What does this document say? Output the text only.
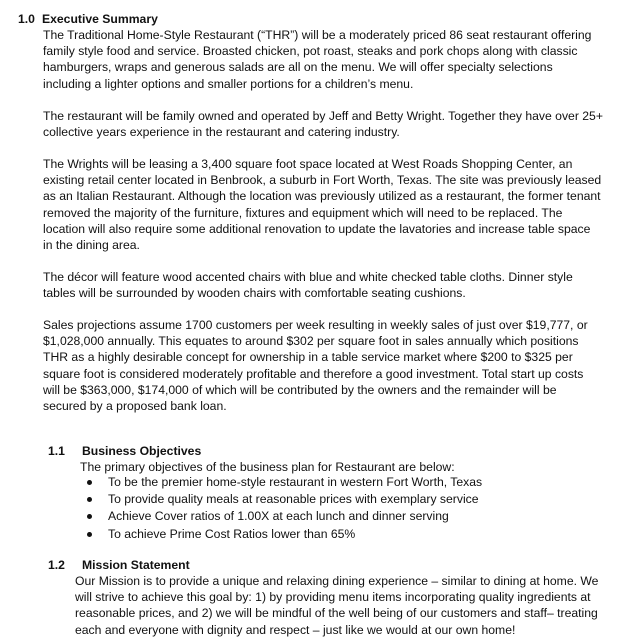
1.0 Executive Summary

The Traditional Home-Style Restaurant (“THR”) will be a moderately priced 86 seat restaurant offering family style food and service. Broasted chicken, pot roast, steaks and pork chops along with classic hamburgers, wraps and generous salads are all on the menu. We will offer specialty selections including a lighter options and smaller portions for a children’s menu.

The restaurant will be family owned and operated by Jeff and Betty Wright. Together they have over 25+ collective years experience in the restaurant and catering industry.

The Wrights will be leasing a 3,400 square foot space located at West Roads Shopping Center, an existing retail center located in Benbrook, a suburb in Fort Worth, Texas. The site was previously leased as an Italian Restaurant. Although the location was previously utilized as a restaurant, the former tenant removed the majority of the furniture, fixtures and equipment which will need to be replaced. The location will also require some additional renovation to update the lavatories and increase table space in the dining area.

The décor will feature wood accented chairs with blue and white checked table cloths. Dinner style tables will be surrounded by wooden chairs with comfortable seating cushions.

Sales projections assume 1700 customers per week resulting in weekly sales of just over $19,777, or $1,028,000 annually. This equates to around $302 per square foot in sales annually which positions THR as a highly desirable concept for ownership in a table service market where $200 to $325 per square foot is considered moderately profitable and therefore a good investment. Total start up costs will be $363,000, $174,000 of which will be contributed by the owners and the remainder will be secured by a proposed bank loan.

1.1 Business Objectives

The primary objectives of the business plan for Restaurant are below:

To be the premier home-style restaurant in western Fort Worth, Texas
To provide quality meals at reasonable prices with exemplary service
Achieve Cover ratios of 1.00X at each lunch and dinner serving
To achieve Prime Cost Ratios lower than 65%
1.2 Mission Statement

Our Mission is to provide a unique and relaxing dining experience – similar to dining at home. We will strive to achieve this goal by: 1) by providing menu items incorporating quality ingredients at reasonable prices, and 2) we will be mindful of the well being of our customers and staff– treating each and everyone with dignity and respect – just like we would at our own home!
